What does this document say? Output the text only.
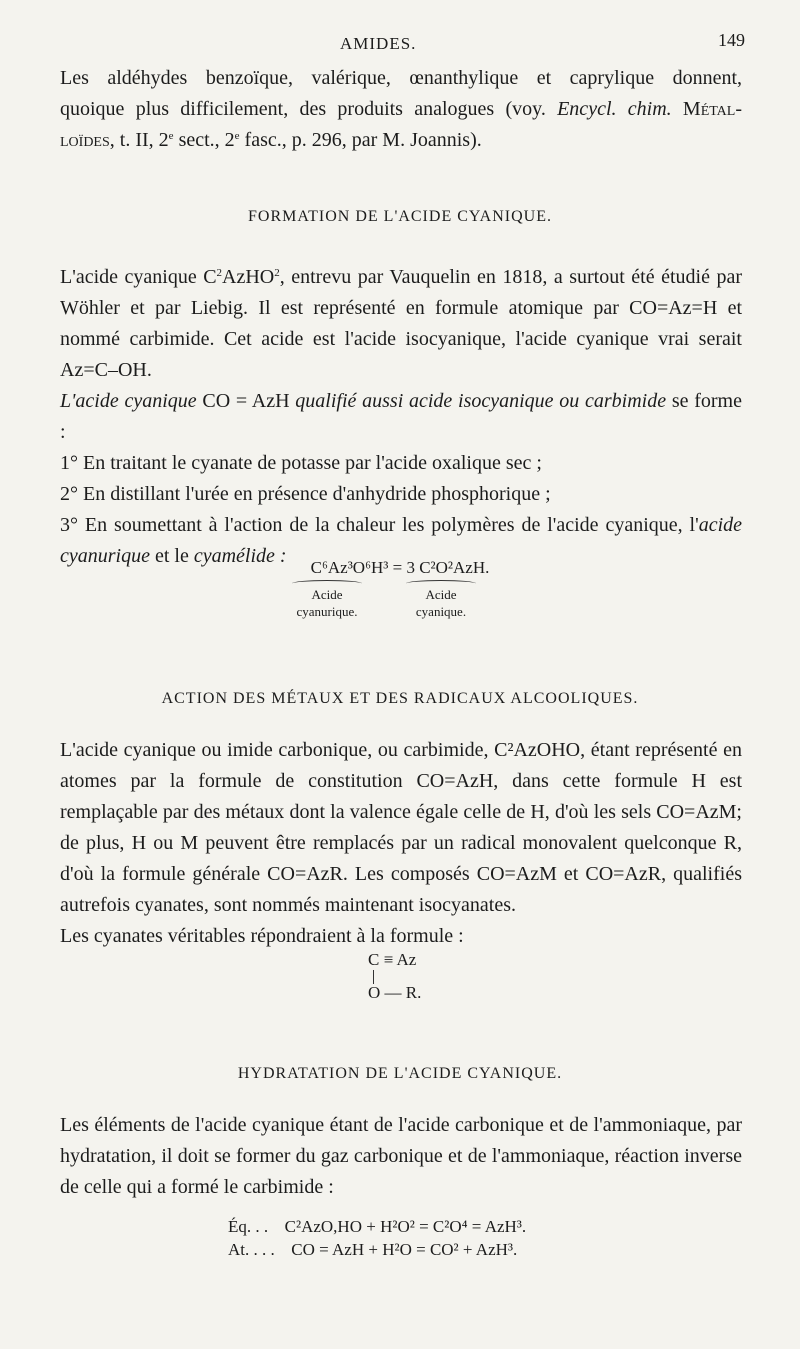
AMIDES.	149

Les aldéhydes benzoïque, valérique, œnanthylique et caprylique donnent,

quoique plus difficilement, des produits analogues (voy. Encycl. chim. Métal-

loïdes, t. II, 2e sect., 2e fasc., p. 296, par M. Joannis).

FORMATION DE L'ACIDE CYANIQUE.

L'acide cyanique $C^2AzHO^2$, entrevu par Vauquelin en 1818, a surtout été étudié par Wöhler et par Liebig. Il est représenté en formule atomique par CO=Az=H et nommé carbimide. Cet acide est l'acide isocyanique, l'acide cyanique vrai serait Az=C–OH.

L'acide cyanique CO = AzH qualifié aussi acide isocyanique ou carbimide se forme :

1° En traitant le cyanate de potasse par l'acide oxalique sec ;

2° En distillant l'urée en présence d'anhydride phosphorique ;

3° En soumettant à l'action de la chaleur les polymères de l'acide cyanique, l'acide cyanurique et le cyamélide :

C⁶Az³O⁶H³ = 3 C²O²AzH.
Acide
cyanurique.
Acide
cyanique.
ACTION DES MÉTAUX ET DES RADICAUX ALCOOLIQUES.

L'acide cyanique ou imide carbonique, ou carbimide, C²AzOHO, étant représenté en atomes par la formule de constitution CO=AzH, dans cette formule H est remplaçable par des métaux dont la valence égale celle de H, d'où les sels CO=AzM; de plus, H ou M peuvent être remplacés par un radical monovalent quelconque R, d'où la formule générale CO=AzR. Les composés CO=AzM et CO=AzR, qualifiés autrefois cyanates, sont nommés maintenant isocyanates.

Les cyanates véritables répondraient à la formule :

C ≡ Az
O — R.
HYDRATATION DE L'ACIDE CYANIQUE.

Les éléments de l'acide cyanique étant de l'acide carbonique et de l'ammoniaque, par hydratation, il doit se former du gaz carbonique et de l'ammoniaque, réaction inverse de celle qui a formé le carbimide :

Éq. . . C²AzO,HO + H²O² = C²O⁴ = AzH³.
At. . . . CO = AzH + H²O = CO² + AzH³.
